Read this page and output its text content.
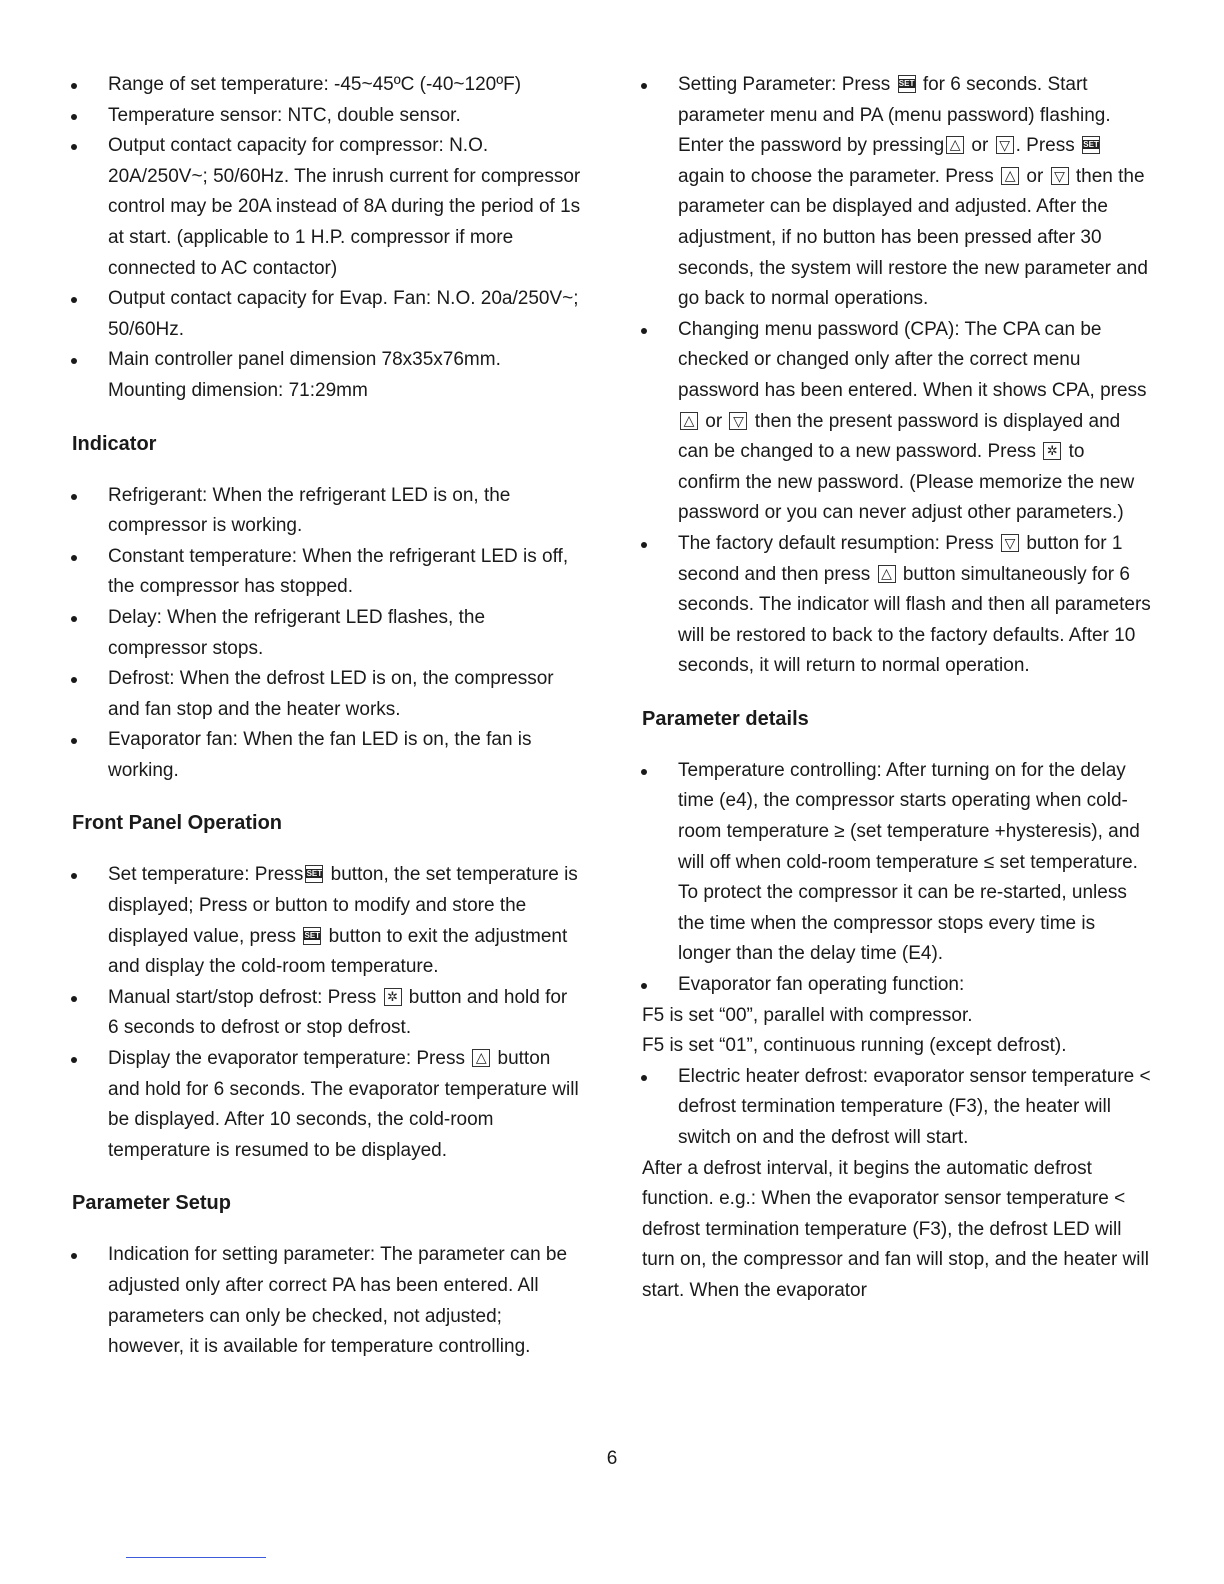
Range of set temperature: -45~45ºC (-40~120ºF)
Temperature sensor: NTC, double sensor.
Output contact capacity for compressor: N.O. 20A/250V~; 50/60Hz. The inrush current for compressor control may be 20A instead of 8A during the period of 1s at start. (applicable to 1 H.P. compressor if more connected to AC contactor)
Output contact capacity for Evap. Fan: N.O. 20a/250V~; 50/60Hz.
Main controller panel dimension 78x35x76mm. Mounting dimension: 71:29mm
Indicator
Refrigerant: When the refrigerant LED is on, the compressor is working.
Constant temperature: When the refrigerant LED is off, the compressor has stopped.
Delay: When the refrigerant LED flashes, the compressor stops.
Defrost: When the defrost LED is on, the compressor and fan stop and the heater works.
Evaporator fan: When the fan LED is on, the fan is working.
Front Panel Operation
Set temperature: Press SET button, the set temperature is displayed; Press or button to modify and store the displayed value, press SET button to exit the adjustment and display the cold-room temperature.
Manual start/stop defrost: Press ✲ button and hold for 6 seconds to defrost or stop defrost.
Display the evaporator temperature: Press △ button and hold for 6 seconds. The evaporator temperature will be displayed. After 10 seconds, the cold-room temperature is resumed to be displayed.
Parameter Setup
Indication for setting parameter: The parameter can be adjusted only after correct PA has been entered. All parameters can only be checked, not adjusted; however, it is available for temperature controlling.
Setting Parameter: Press SET for 6 seconds. Start parameter menu and PA (menu password) flashing. Enter the password by pressing △ or ▽ . Press SET again to choose the parameter. Press △ or ▽ then the parameter can be displayed and adjusted. After the adjustment, if no button has been pressed after 30 seconds, the system will restore the new parameter and go back to normal operations.
Changing menu password (CPA): The CPA can be checked or changed only after the correct menu password has been entered. When it shows CPA, press △ or ▽ then the present password is displayed and can be changed to a new password. Press ✲ to confirm the new password. (Please memorize the new password or you can never adjust other parameters.)
The factory default resumption: Press ▽ button for 1 second and then press △ button simultaneously for 6 seconds. The indicator will flash and then all parameters will be restored to back to the factory defaults. After 10 seconds, it will return to normal operation.
Parameter details
Temperature controlling: After turning on for the delay time (e4), the compressor starts operating when cold-room temperature ≥ (set temperature +hysteresis), and will off when cold-room temperature ≤ set temperature. To protect the compressor it can be re-started, unless the time when the compressor stops every time is longer than the delay time (E4).
Evaporator fan operating function:

F5 is set “00”, parallel with compressor.

F5 is set “01”, continuous running (except defrost).

Electric heater defrost: evaporator sensor temperature < defrost termination temperature (F3), the heater will switch on and the defrost will start.

After a defrost interval, it begins the automatic defrost function. e.g.: When the evaporator sensor temperature < defrost termination temperature (F3), the defrost LED will turn on, the compressor and fan will stop, and the heater will start. When the evaporator

6
